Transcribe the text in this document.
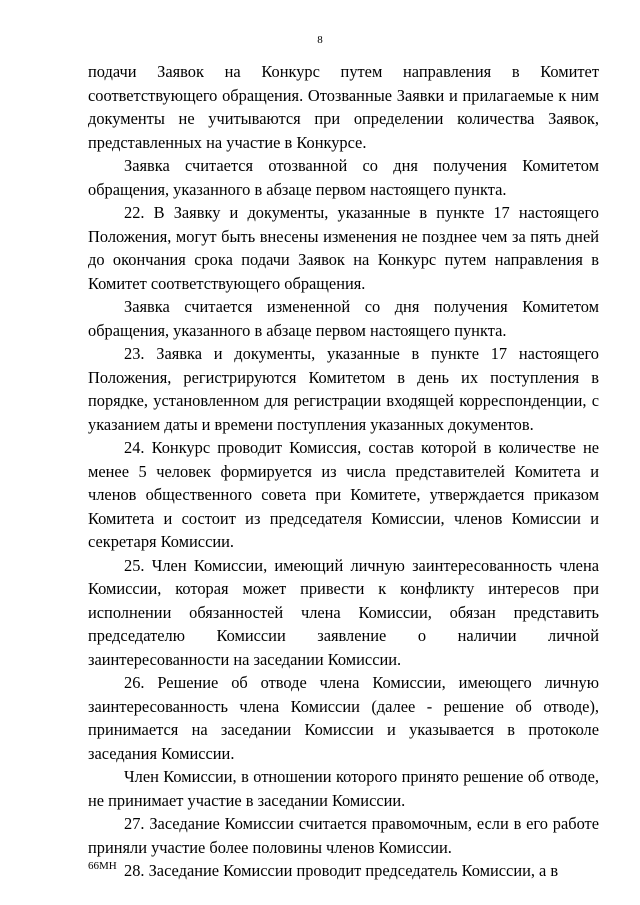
8

подачи Заявок на Конкурс путем направления в Комитет соответствующего обращения. Отозванные Заявки и прилагаемые к ним документы не учитываются при определении количества Заявок, представленных на участие в Конкурсе.

Заявка считается отозванной со дня получения Комитетом обращения, указанного в абзаце первом настоящего пункта.

22. В Заявку и документы, указанные в пункте 17 настоящего Положения, могут быть внесены изменения не позднее чем за пять дней до окончания срока подачи Заявок на Конкурс путем направления в Комитет соответствующего обращения.

Заявка считается измененной со дня получения Комитетом обращения, указанного в абзаце первом настоящего пункта.

23. Заявка и документы, указанные в пункте 17 настоящего Положения, регистрируются Комитетом в день их поступления в порядке, установленном для регистрации входящей корреспонденции, с указанием даты и времени поступления указанных документов.

24. Конкурс проводит Комиссия, состав которой в количестве не менее 5 человек формируется из числа представителей Комитета и членов общественного совета при Комитете, утверждается приказом Комитета и состоит из председателя Комиссии, членов Комиссии и секретаря Комиссии.

25. Член Комиссии, имеющий личную заинтересованность члена Комиссии, которая может привести к конфликту интересов при исполнении обязанностей члена Комиссии, обязан представить председателю Комиссии заявление о наличии личной заинтересованности на заседании Комиссии.

26. Решение об отводе члена Комиссии, имеющего личную заинтересованность члена Комиссии (далее - решение об отводе), принимается на заседании Комиссии и указывается в протоколе заседания Комиссии.

Член Комиссии, в отношении которого принято решение об отводе, не принимает участие в заседании Комиссии.

27. Заседание Комиссии считается правомочным, если в его работе приняли участие более половины членов Комиссии.

28. Заседание Комиссии проводит председатель Комиссии, а в

66МН
